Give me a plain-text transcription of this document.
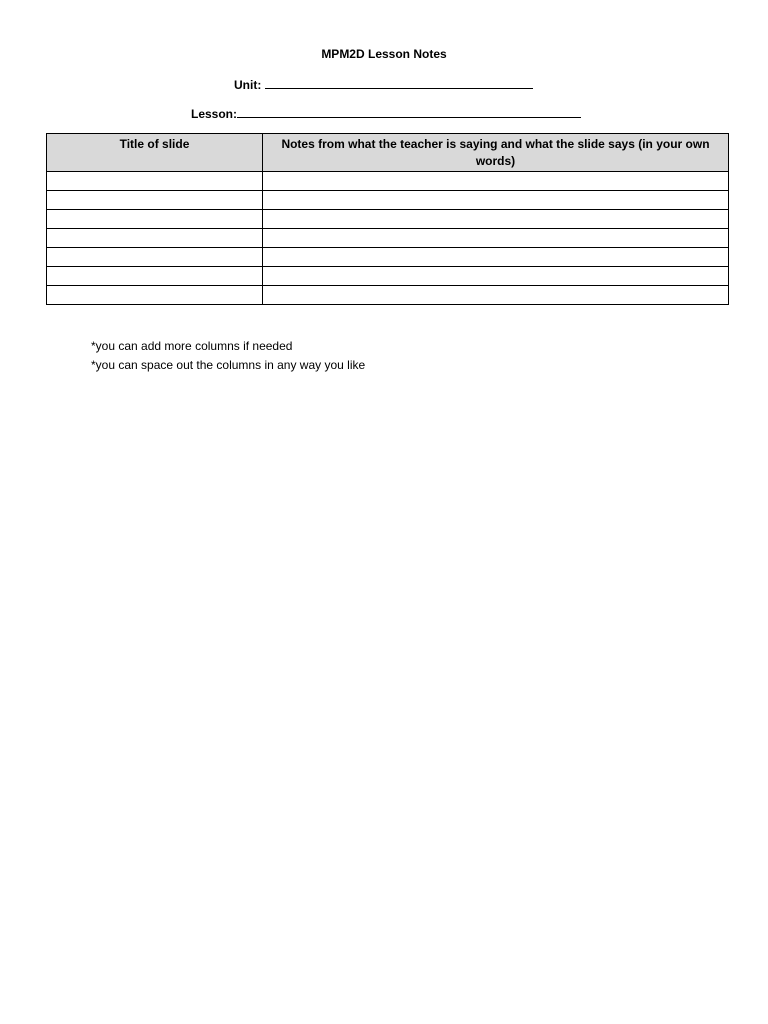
MPM2D Lesson Notes
Unit:
Lesson:
Title of slide	Notes from what the teacher is saying and what the slide says (in your own words)

*you can add more columns if needed
*you can space out the columns in any way you like
